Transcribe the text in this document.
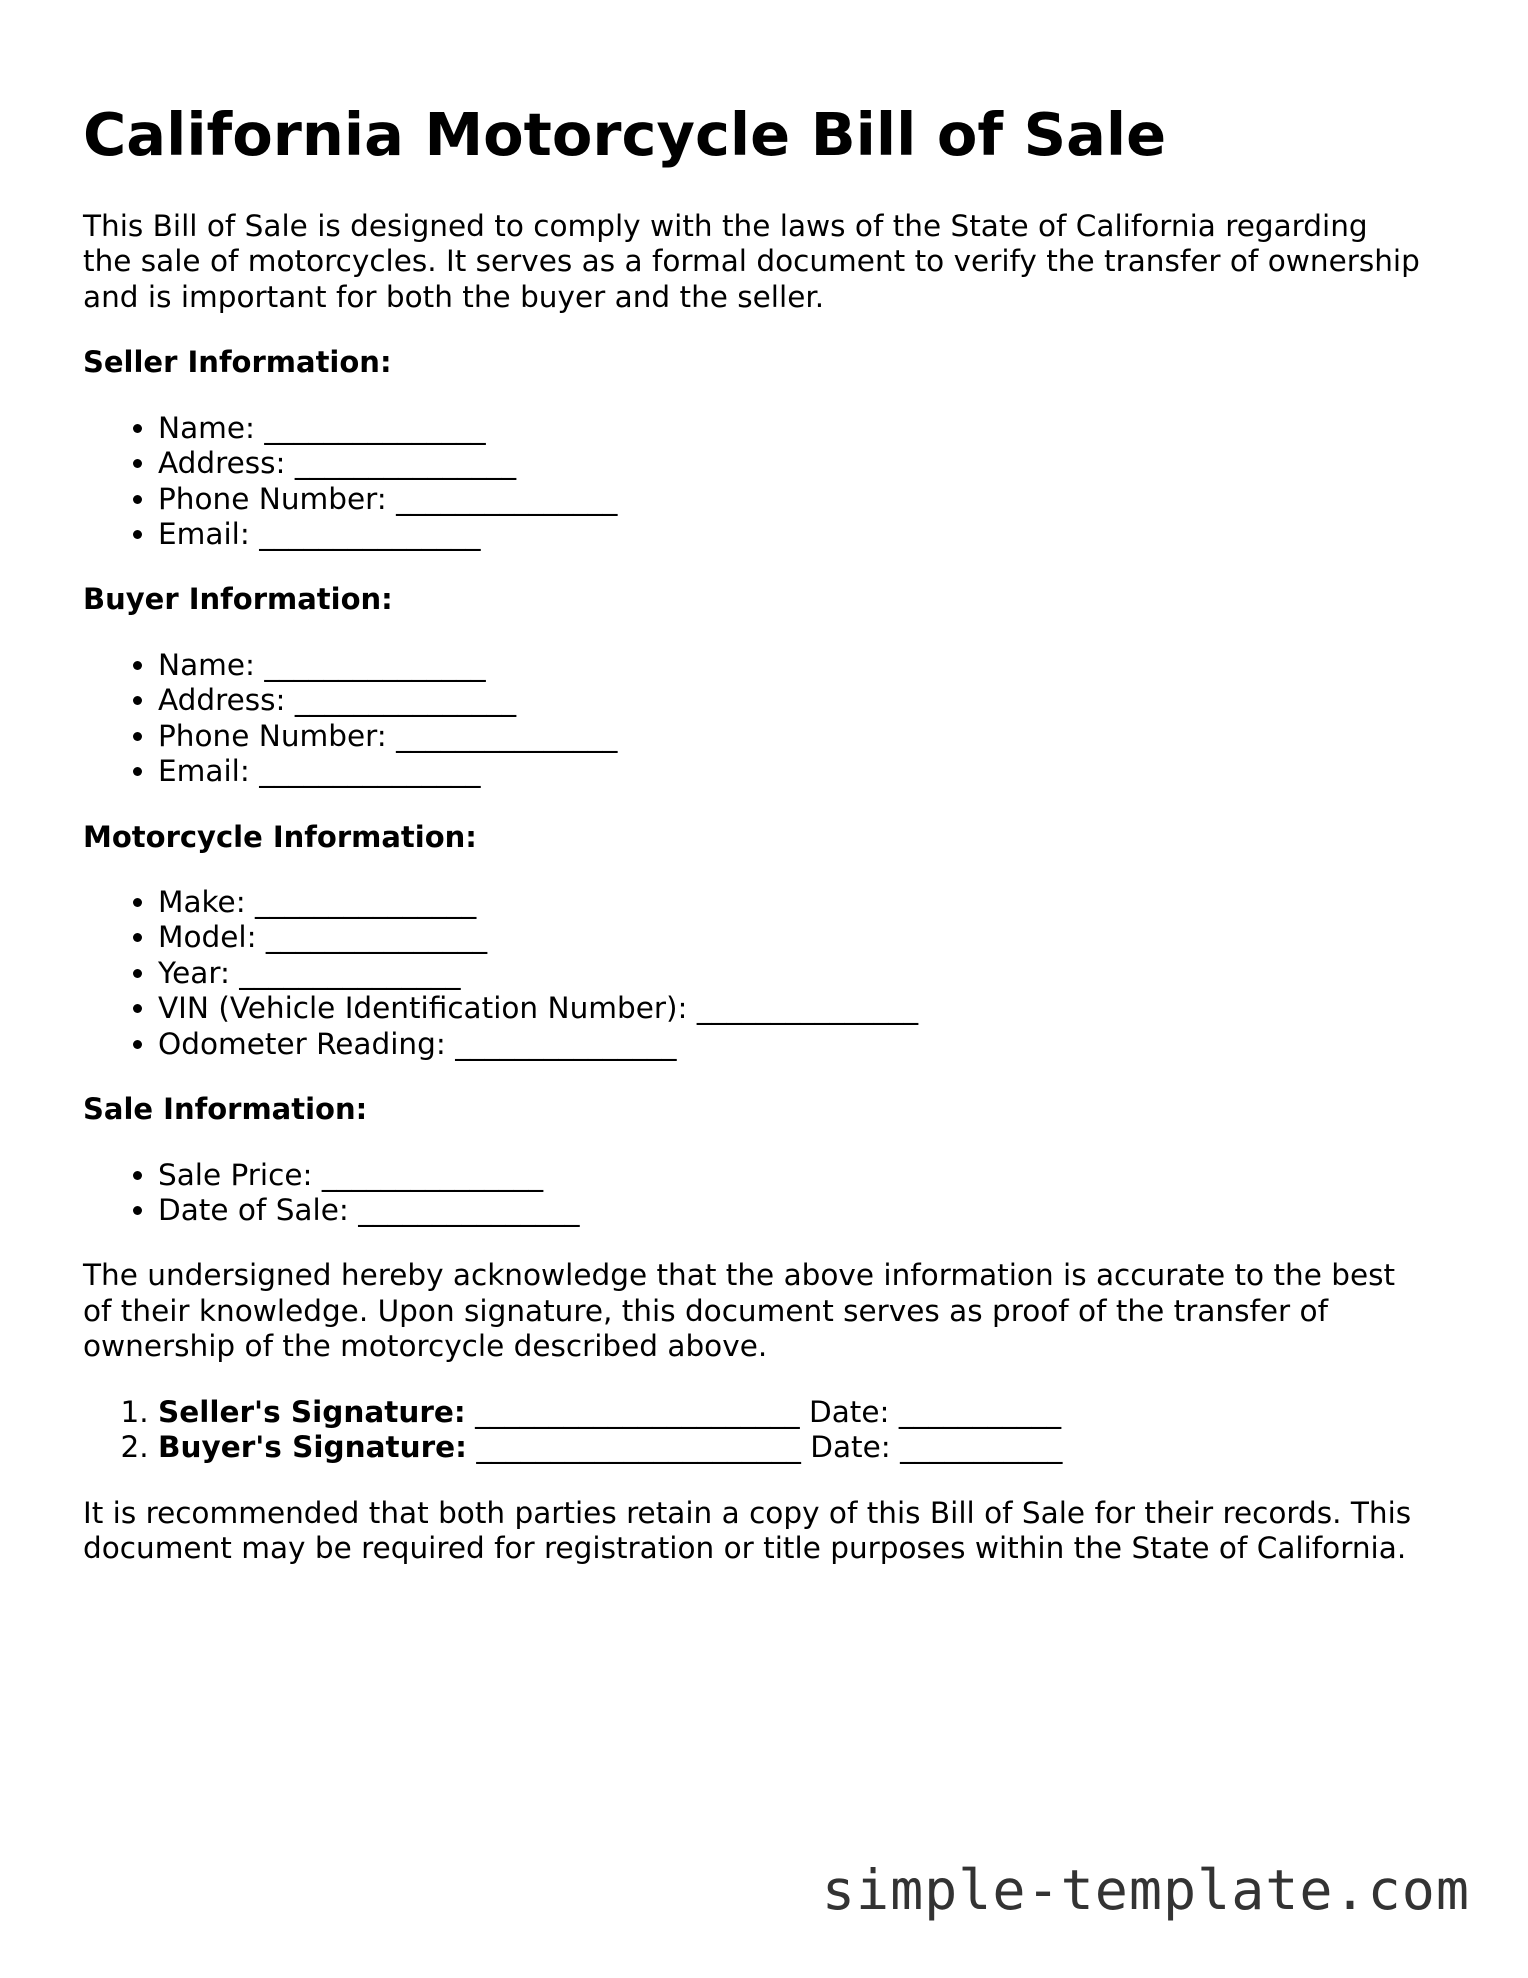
California Motorcycle Bill of Sale

This Bill of Sale is designed to comply with the laws of the State of California regarding the sale of motorcycles. It serves as a formal document to verify the transfer of ownership and is important for both the buyer and the seller.

Seller Information:
• Name: _______________
• Address: _______________
• Phone Number: _______________
• Email: _______________
Buyer Information:
• Name: _______________
• Address: _______________
• Phone Number: _______________
• Email: _______________
Motorcycle Information:
• Make: _______________
• Model: _______________
• Year: _______________
• VIN (Vehicle Identification Number): _______________
• Odometer Reading: _______________
Sale Information:
• Sale Price: _______________
• Date of Sale: _______________

The undersigned hereby acknowledge that the above information is accurate to the best of their knowledge. Upon signature, this document serves as proof of the transfer of ownership of the motorcycle described above.

1. Seller's Signature: ______________________ Date: ___________
2. Buyer's Signature: ______________________ Date: ___________

It is recommended that both parties retain a copy of this Bill of Sale for their records. This document may be required for registration or title purposes within the State of California.

simple-template.com
